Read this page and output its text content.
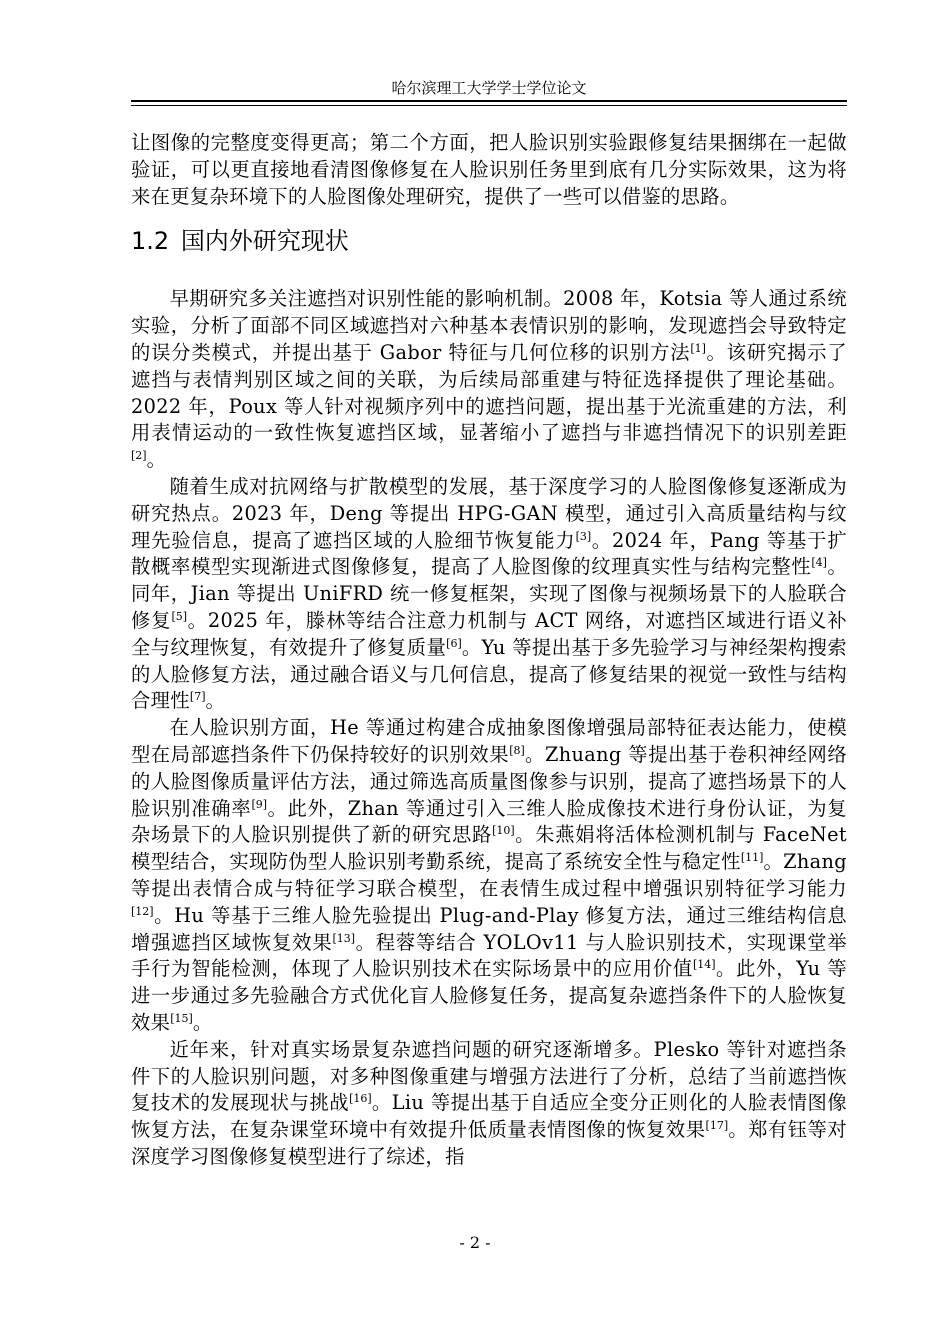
哈尔滨理工大学学士学位论文

让图像的完整度变得更高；第二个方面，把人脸识别实验跟修复结果捆绑在一起做验证，可以更直接地看清图像修复在人脸识别任务里到底有几分实际效果，这为将来在更复杂环境下的人脸图像处理研究，提供了一些可以借鉴的思路。

1.2 国内外研究现状

早期研究多关注遮挡对识别性能的影响机制。2008 年，Kotsia 等人通过系统实验，分析了面部不同区域遮挡对六种基本表情识别的影响，发现遮挡会导致特定的误分类模式，并提出基于 Gabor 特征与几何位移的识别方法[1]。该研究揭示了遮挡与表情判别区域之间的关联，为后续局部重建与特征选择提供了理论基础。2022 年，Poux 等人针对视频序列中的遮挡问题，提出基于光流重建的方法，利用表情运动的一致性恢复遮挡区域，显著缩小了遮挡与非遮挡情况下的识别差距[2]。

随着生成对抗网络与扩散模型的发展，基于深度学习的人脸图像修复逐渐成为研究热点。2023 年，Deng 等提出 HPG-GAN 模型，通过引入高质量结构与纹理先验信息，提高了遮挡区域的人脸细节恢复能力[3]。2024 年，Pang 等基于扩散概率模型实现渐进式图像修复，提高了人脸图像的纹理真实性与结构完整性[4]。同年，Jian 等提出 UniFRD 统一修复框架，实现了图像与视频场景下的人脸联合修复[5]。2025 年，滕林等结合注意力机制与 ACT 网络，对遮挡区域进行语义补全与纹理恢复，有效提升了修复质量[6]。Yu 等提出基于多先验学习与神经架构搜索的人脸修复方法，通过融合语义与几何信息，提高了修复结果的视觉一致性与结构合理性[7]。

在人脸识别方面，He 等通过构建合成抽象图像增强局部特征表达能力，使模型在局部遮挡条件下仍保持较好的识别效果[8]。Zhuang 等提出基于卷积神经网络的人脸图像质量评估方法，通过筛选高质量图像参与识别，提高了遮挡场景下的人脸识别准确率[9]。此外，Zhan 等通过引入三维人脸成像技术进行身份认证，为复杂场景下的人脸识别提供了新的研究思路[10]。朱燕娟将活体检测机制与 FaceNet 模型结合，实现防伪型人脸识别考勤系统，提高了系统安全性与稳定性[11]。Zhang 等提出表情合成与特征学习联合模型，在表情生成过程中增强识别特征学习能力[12]。Hu 等基于三维人脸先验提出 Plug-and-Play 修复方法，通过三维结构信息增强遮挡区域恢复效果[13]。程蓉等结合 YOLOv11 与人脸识别技术，实现课堂举手行为智能检测，体现了人脸识别技术在实际场景中的应用价值[14]。此外，Yu 等进一步通过多先验融合方式优化盲人脸修复任务，提高复杂遮挡条件下的人脸恢复效果[15]。

近年来，针对真实场景复杂遮挡问题的研究逐渐增多。Plesko 等针对遮挡条件下的人脸识别问题，对多种图像重建与增强方法进行了分析，总结了当前遮挡恢复技术的发展现状与挑战[16]。Liu 等提出基于自适应全变分正则化的人脸表情图像恢复方法，在复杂课堂环境中有效提升低质量表情图像的恢复效果[17]。郑有钰等对深度学习图像修复模型进行了综述，指

- 2 -
